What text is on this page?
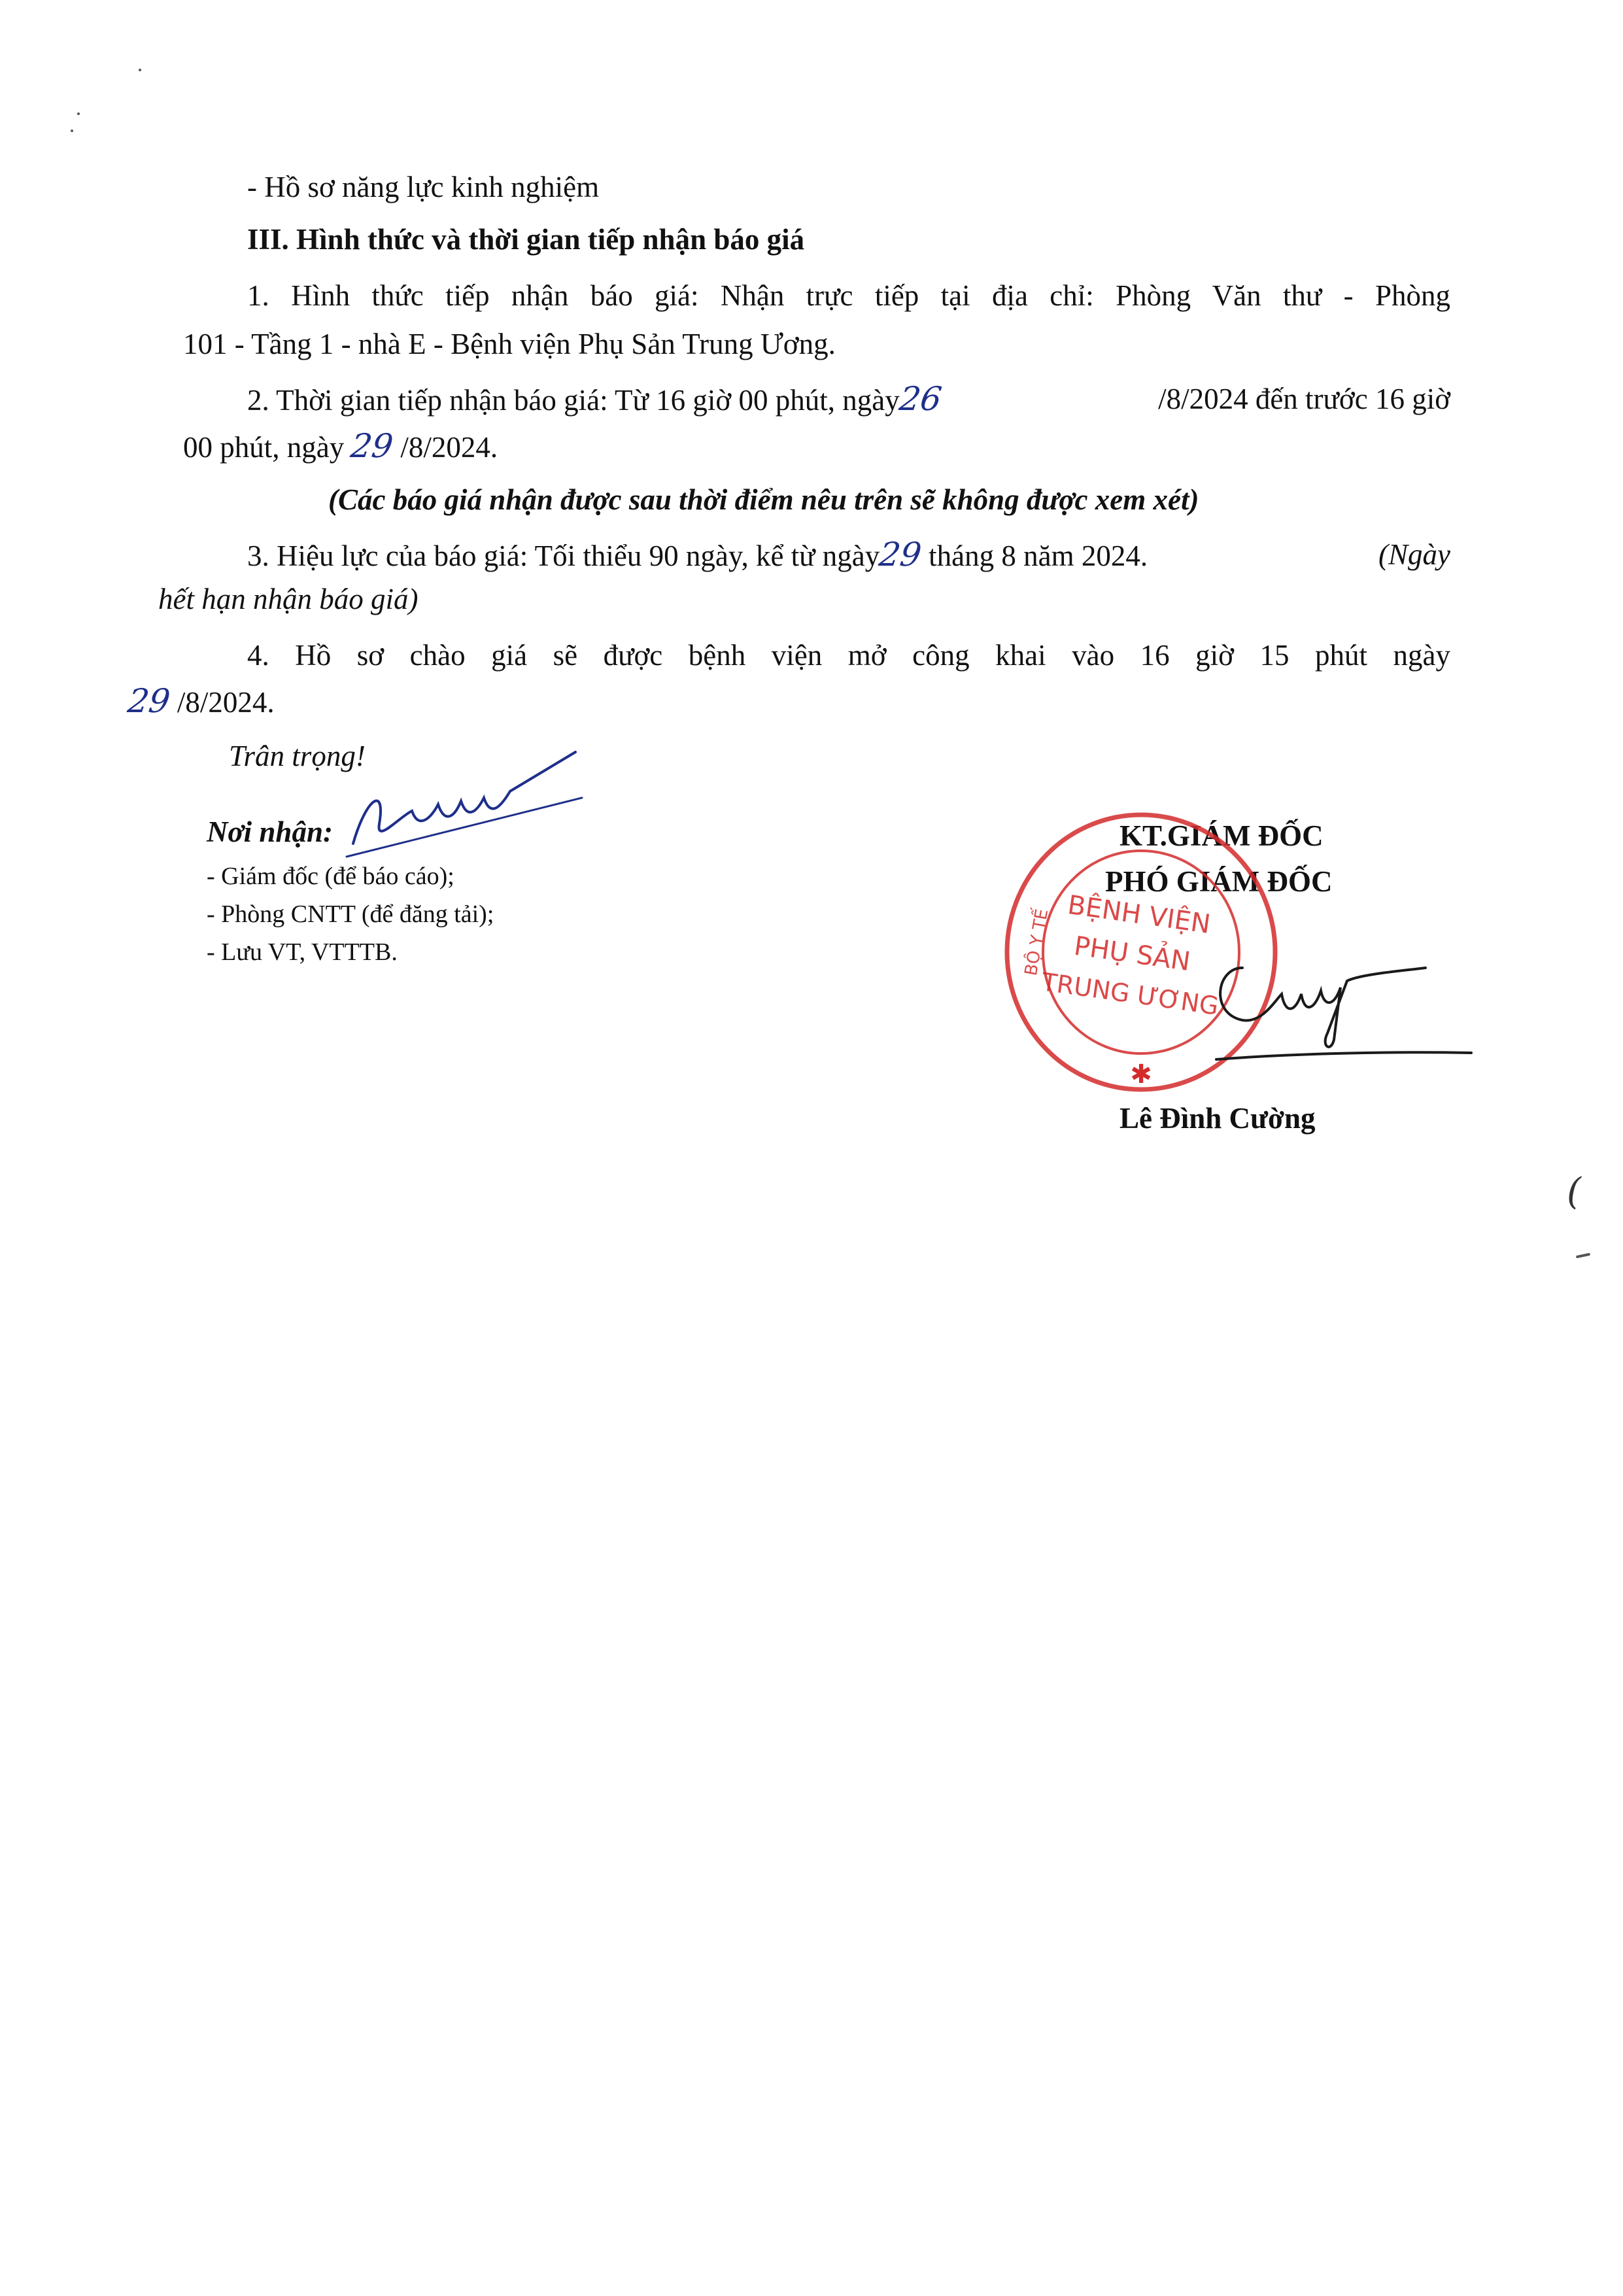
- Hồ sơ năng lực kinh nghiệm
III. Hình thức và thời gian tiếp nhận báo giá
1. Hình thức tiếp nhận báo giá: Nhận trực tiếp tại địa chỉ: Phòng Văn thư - Phòng
101 - Tầng 1 - nhà E - Bệnh viện Phụ Sản Trung Ương.
2. Thời gian tiếp nhận báo giá: Từ 16 giờ 00 phút, ngày26	/8/2024 đến trước 16 giờ
00 phút, ngày 29 /8/2024.
(Các báo giá nhận được sau thời điểm nêu trên sẽ không được xem xét)
3. Hiệu lực của báo giá: Tối thiểu 90 ngày, kể từ ngày29 tháng 8 năm 2024.	(Ngày
hết hạn nhận báo giá)
4. Hồ sơ chào giá sẽ được bệnh viện mở công khai vào 16 giờ 15 phút ngày
29 /8/2024.
Trân trọng!
Nơi nhận:
- Giám đốc (để báo cáo);
- Phòng CNTT (để đăng tải);
- Lưu VT, VTTTB.
KT.GIÁM ĐỐC
PHÓ GIÁM ĐỐC
✱
BỘ Y TẾ BỆNH VIỆN
PHỤ SẢN
TRUNG ƯƠNG
Lê Đình Cường
(
